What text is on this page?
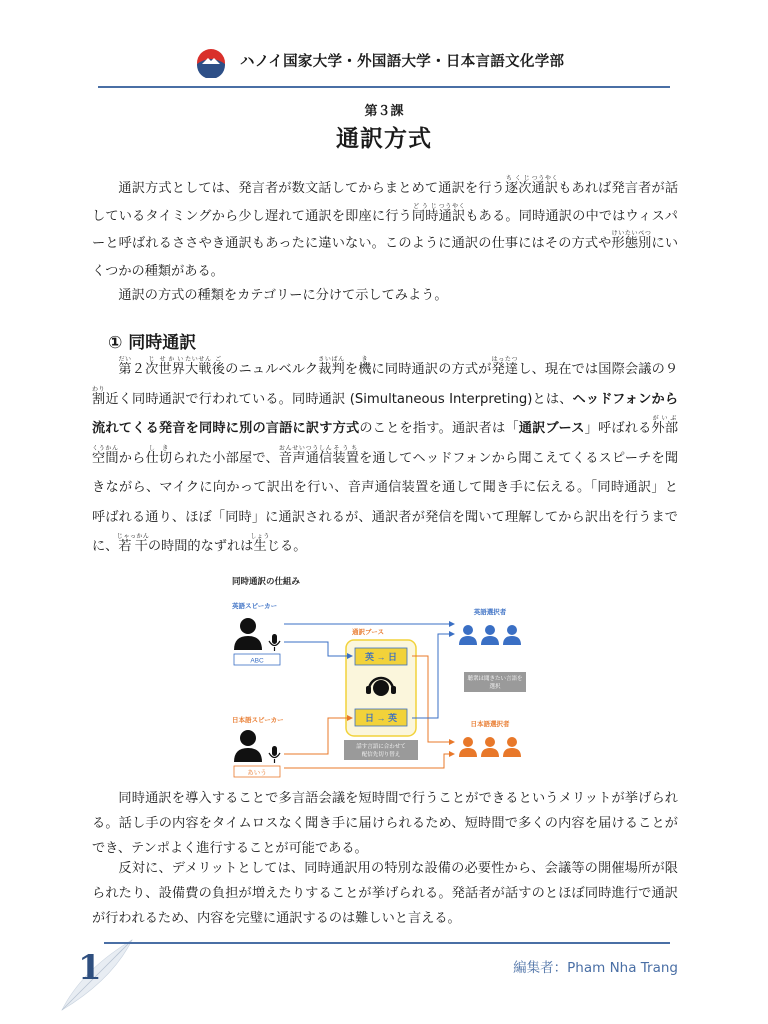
ハノイ国家大学・外国語大学・日本言語文化学部
第３課
通訳方式

通訳方式としては、発言者が数文話してからまとめて通訳を行う逐次ちくじ通訳つうやくもあれば発言者が話しているタイミングから少し遅れて通訳を即座に行う同時どうじ通訳つうやくもある。同時通訳の中ではウィスパーと呼ばれるささやき通訳もあったに違いない。このように通訳の仕事にはその方式や形態けいたい別べつにいくつかの種類がある。

通訳の方式の種類をカテゴリーに分けて示してみよう。

① 同時通訳

第だい２次じ世界せかい大戦たいせん後ごのニュルベルク裁判さいばんを機きに同時通訳の方式が発達はったつし、現在では国際会議の９割わり近く同時通訳で行われている。同時通訳 (Simultaneous Interpreting)とは、ヘッドフォンから流れてくる発音を同時に別の言語に訳す方式のことを指す。通訳者は「通訳ブース」呼ばれる外部がいぶ空間くうかんから仕切しきられた小部屋で、音声おんせい通信つうしん装置そうちを通してヘッドフォンから聞こえてくるスピーチを聞きながら、マイクに向かって訳出を行い、音声通信装置を通して聞き手に伝える。「同時通訳」と呼ばれる通り、ほぼ「同時」に通訳されるが、通訳者が発信を聞いて理解してから訳出を行うまでに、若干じゃっかんの時間的なずれは生しょうじる。

同時通訳の仕組み
英語スピーカー
ABC
日本語スピーカー
あいう
通訳ブース
英 → 日
日 → 英
話す言語に合わせて
配信先切り替え
英語選択者
聴衆は聞きたい言語を
選択
日本語選択者

同時通訳を導入することで多言語会議を短時間で行うことができるというメリットが挙げられる。話し手の内容をタイムロスなく聞き手に届けられるため、短時間で多くの内容を届けることができ、テンポよく進行することが可能である。

反対に、デメリットとしては、同時通訳用の特別な設備の必要性から、会議等の開催場所が限られたり、設備費の負担が増えたりすることが挙げられる。発話者が話すのとほぼ同時進行で通訳が行われるため、内容を完璧に通訳するのは難しいと言える。

1	編集者：Pham Nha Trang
